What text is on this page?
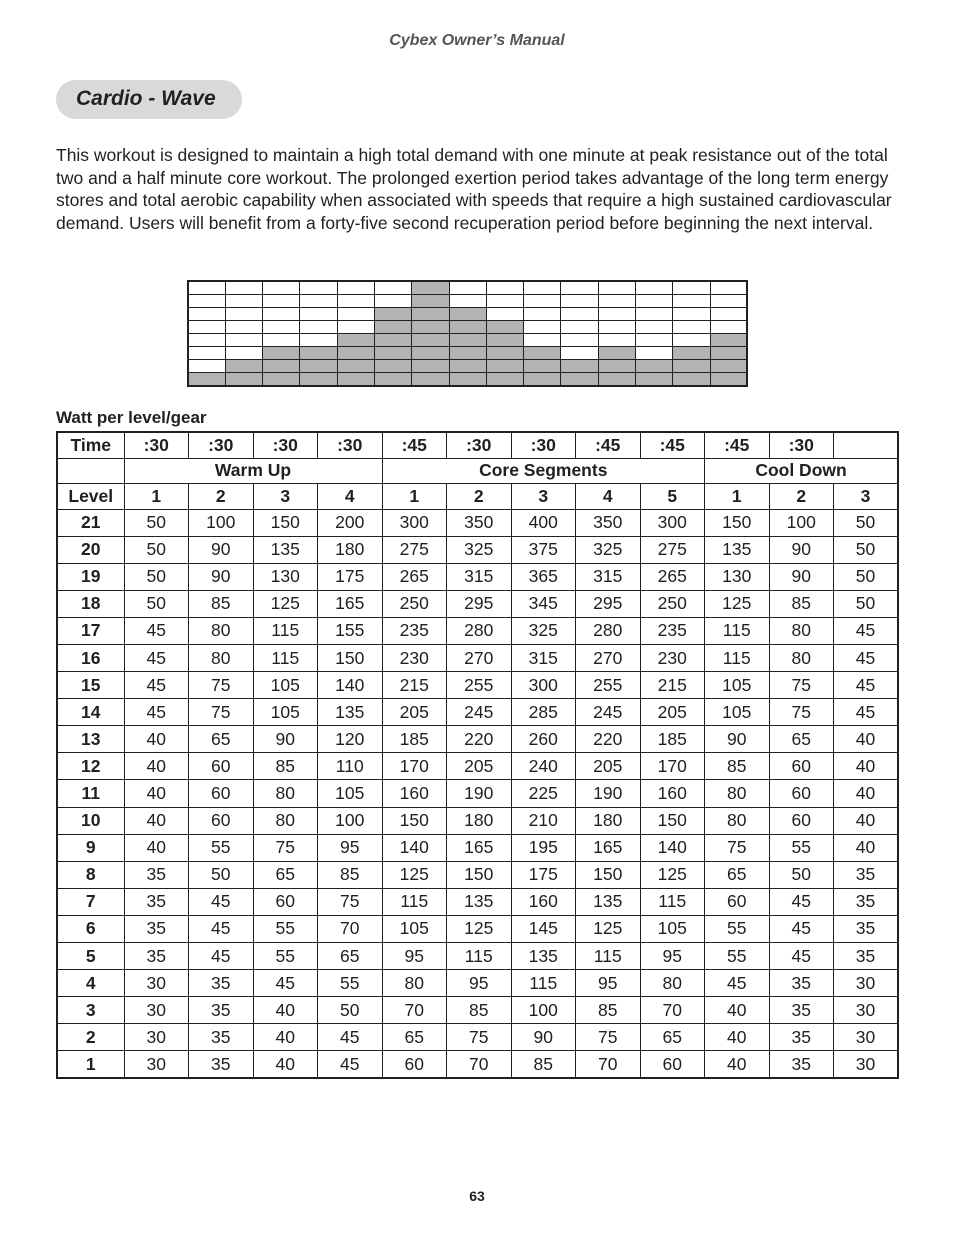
Cybex Owner’s Manual
Cardio - Wave

This workout is designed to maintain a high total demand with one minute at peak resistance out of the total two and a half minute core workout. The prolonged exertion period takes advantage of the long term energy stores and total aerobic capability when associated with speeds that require a high sustained cardiovascular demand. Users will benefit from a forty-five second recuperation period before beginning the next interval.

Watt per level/gear
Time	:30	:30	:30	:30	:45	:30	:30	:45	:45	:45	:30	
	Warm Up				Core Segments					Cool Down		
Level	1	2	3	4	1	2	3	4	5	1	2	3
21	50	100	150	200	300	350	400	350	300	150	100	50
20	50	90	135	180	275	325	375	325	275	135	90	50
19	50	90	130	175	265	315	365	315	265	130	90	50
18	50	85	125	165	250	295	345	295	250	125	85	50
17	45	80	115	155	235	280	325	280	235	115	80	45
16	45	80	115	150	230	270	315	270	230	115	80	45
15	45	75	105	140	215	255	300	255	215	105	75	45
14	45	75	105	135	205	245	285	245	205	105	75	45
13	40	65	90	120	185	220	260	220	185	90	65	40
12	40	60	85	110	170	205	240	205	170	85	60	40
11	40	60	80	105	160	190	225	190	160	80	60	40
10	40	60	80	100	150	180	210	180	150	80	60	40
9	40	55	75	95	140	165	195	165	140	75	55	40
8	35	50	65	85	125	150	175	150	125	65	50	35
7	35	45	60	75	115	135	160	135	115	60	45	35
6	35	45	55	70	105	125	145	125	105	55	45	35
5	35	45	55	65	95	115	135	115	95	55	45	35
4	30	35	45	55	80	95	115	95	80	45	35	30
3	30	35	40	50	70	85	100	85	70	40	35	30
2	30	35	40	45	65	75	90	75	65	40	35	30
1	30	35	40	45	60	70	85	70	60	40	35	30
63
